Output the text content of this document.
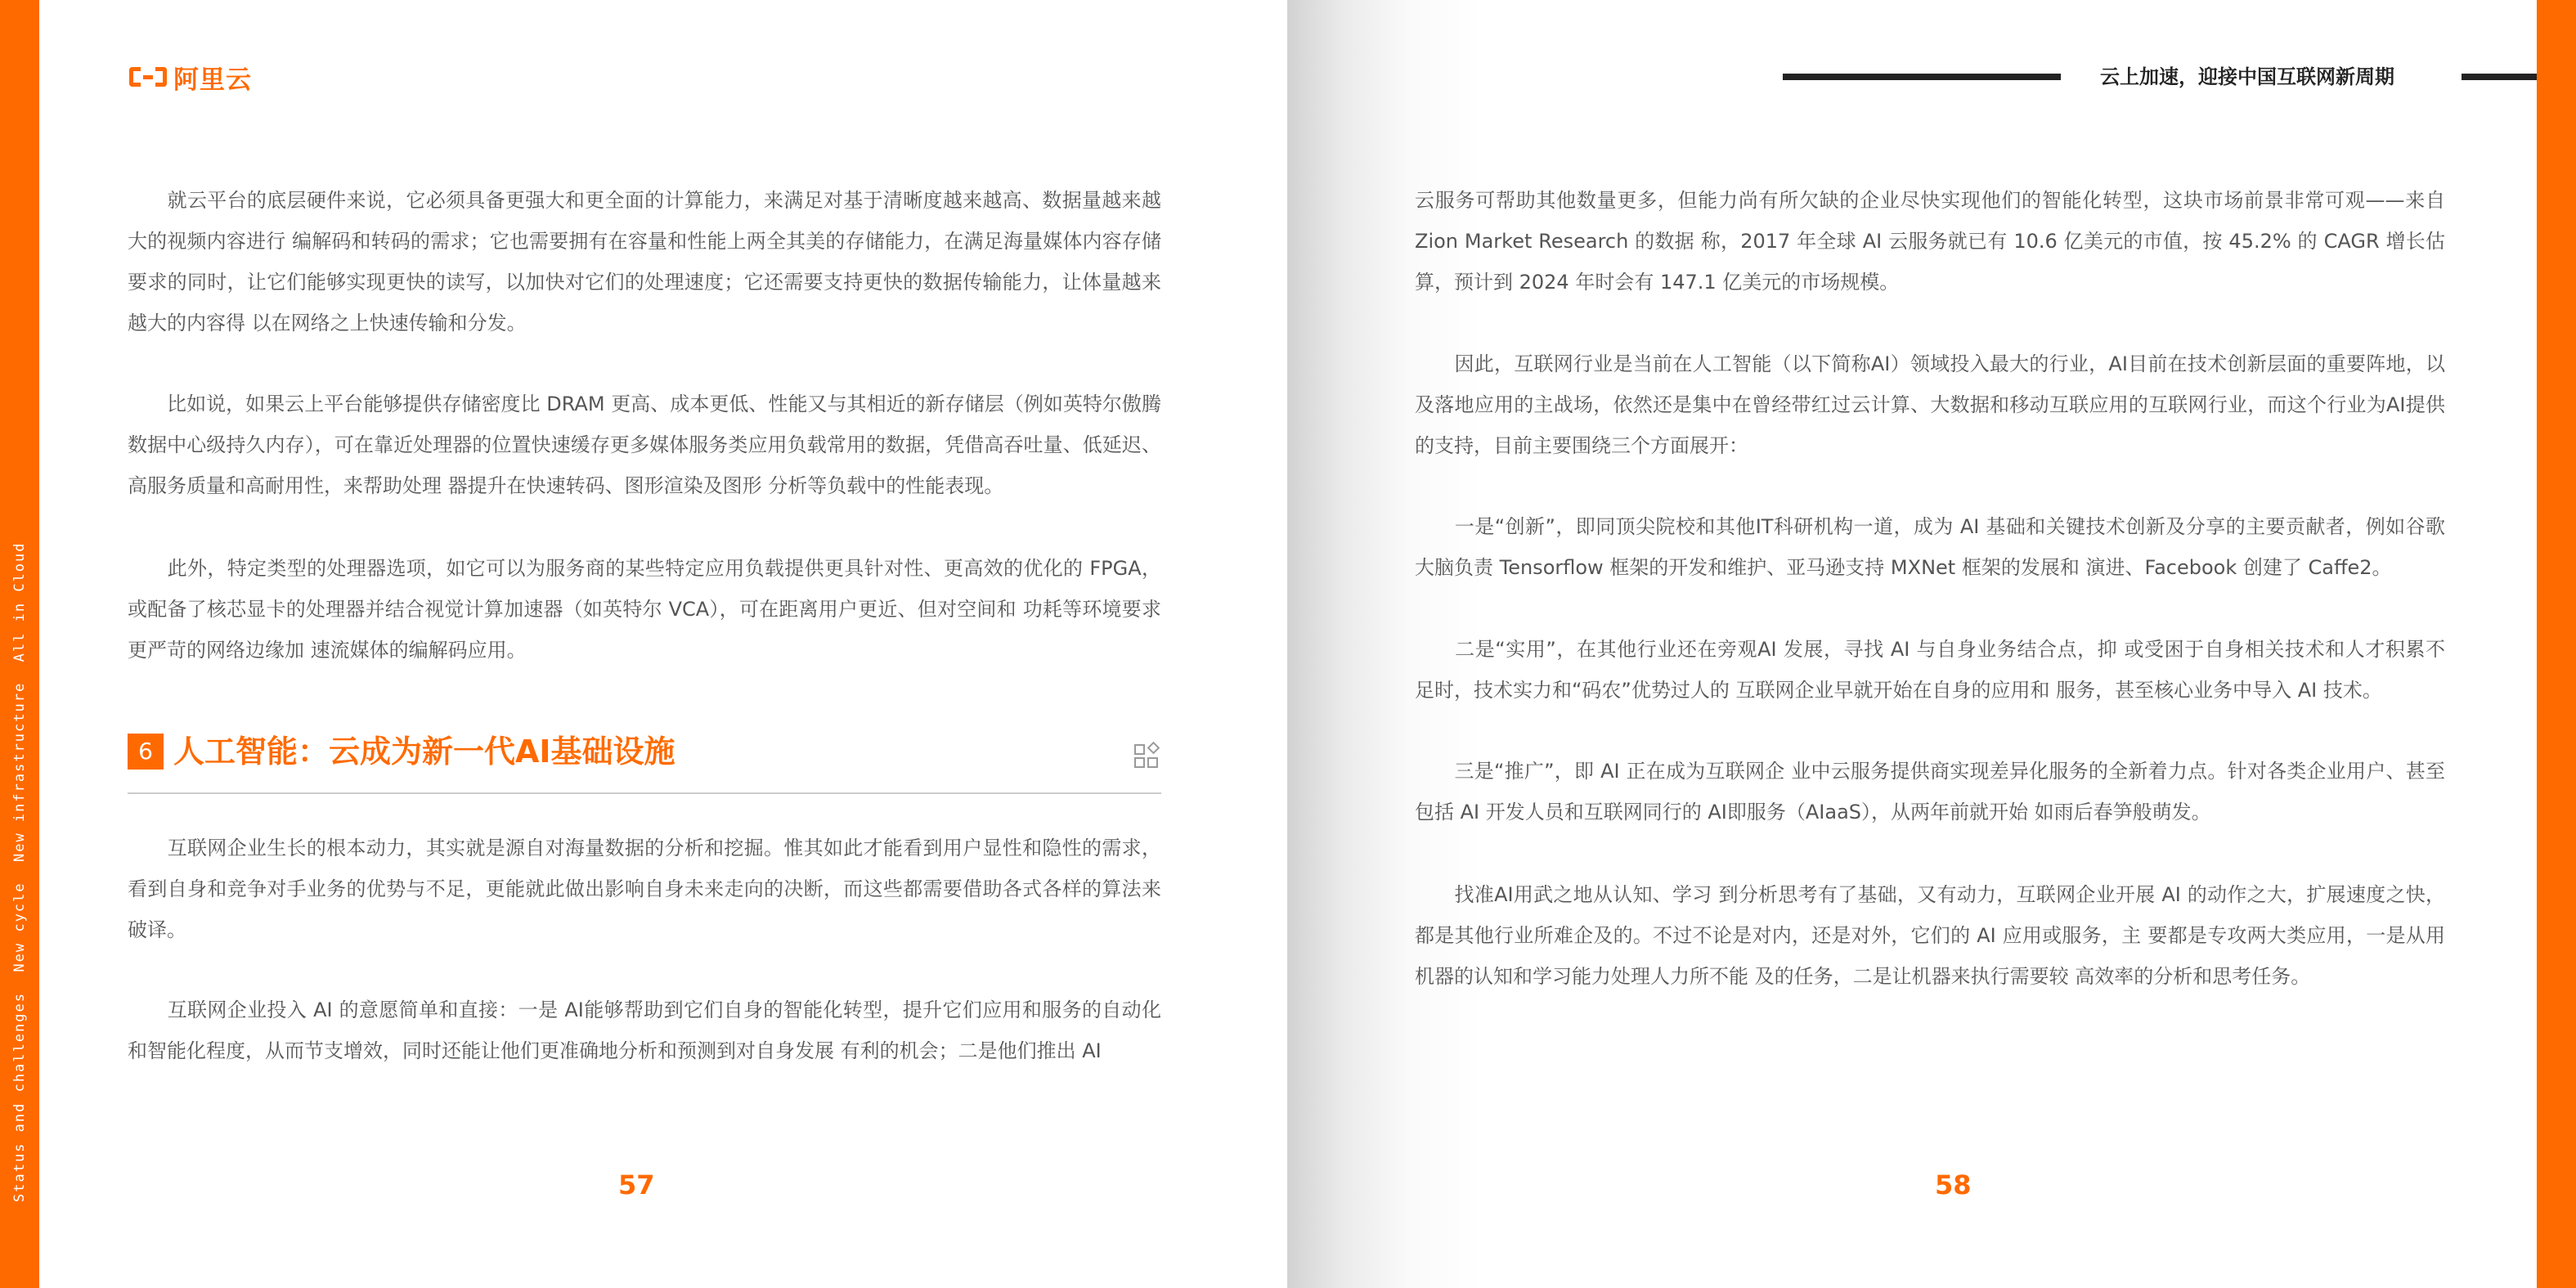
Status and challenges  New cycle  New infrastructure  All in Cloud
阿里云
　　就云平台的底层硬件来说，它必须具备更强大和更全面的计算能力，来满足对基于清晰度越来越高、数据量越来越大的视频内容进行 编解码和转码的需求；它也需要拥有在容量和性能上两全其美的存储能力，在满足海量媒体内容存储要求的同时，让它们能够实现更快的读写，以加快对它们的处理速度；它还需要支持更快的数据传输能力，让体量越来越大的内容得 以在网络之上快速传输和分发。
　　比如说，如果云上平台能够提供存储密度比 DRAM 更高、成本更低、性能又与其相近的新存储层（例如英特尔傲腾数据中心级持久内存），可在靠近处理器的位置快速缓存更多媒体服务类应用负载常用的数据，凭借高吞吐量、低延迟、 高服务质量和高耐用性，来帮助处理 器提升在快速转码、图形渲染及图形 分析等负载中的性能表现。
　　此外，特定类型的处理器选项，如它可以为服务商的某些特定应用负载提供更具针对性、更高效的优化的 FPGA，或配备了核芯显卡的处理器并结合视觉计算加速器（如英特尔 VCA），可在距离用户更近、但对空间和 功耗等环境要求更严苛的网络边缘加 速流媒体的编解码应用。
6 人工智能：云成为新一代AI基础设施
　　互联网企业生长的根本动力，其实就是源自对海量数据的分析和挖掘。惟其如此才能看到用户显性和隐性的需求，看到自身和竞争对手业务的优势与不足，更能就此做出影响自身未来走向的决断，而这些都需要借助各式各样的算法来破译。
　　互联网企业投入 AI 的意愿简单和直接：一是 AI能够帮助到它们自身的智能化转型，提升它们应用和服务的自动化和智能化程度，从而节支增效，同时还能让他们更准确地分析和预测到对自身发展 有利的机会；二是他们推出 AI
57
云上加速，迎接中国互联网新周期
云服务可帮助其他数量更多，但能力尚有所欠缺的企业尽快实现他们的智能化转型，这块市场前景非常可观——来自 Zion Market Research 的数据 称，2017 年全球 AI 云服务就已有 10.6 亿美元的市值，按 45.2% 的 CAGR 增长估算，预计到 2024 年时会有 147.1 亿美元的市场规模。
　　因此，互联网行业是当前在人工智能（以下简称AI）领域投入最大的行业，AI目前在技术创新层面的重要阵地，以及落地应用的主战场，依然还是集中在曾经带红过云计算、大数据和移动互联应用的互联网行业，而这个行业为AI提供的支持，目前主要围绕三个方面展开：
　　一是“创新”，即同顶尖院校和其他IT科研机构一道，成为 AI 基础和关键技术创新及分享的主要贡献者，例如谷歌大脑负责 Tensorflow 框架的开发和维护、亚马逊支持 MXNet 框架的发展和 演进、Facebook 创建了 Caffe2。
　　二是“实用”，在其他行业还在旁观AI 发展，寻找 AI 与自身业务结合点，抑 或受困于自身相关技术和人才积累不 足时，技术实力和“码农”优势过人的 互联网企业早就开始在自身的应用和 服务，甚至核心业务中导入 AI 技术。
　　三是“推广”，即 AI 正在成为互联网企 业中云服务提供商实现差异化服务的全新着力点。针对各类企业用户、甚至包括 AI 开发人员和互联网同行的 AI即服务（AIaaS），从两年前就开始 如雨后春笋般萌发。
　　找准AI用武之地从认知、学习 到分析思考有了基础，又有动力，互联网企业开展 AI 的动作之大，扩展速度之快，都是其他行业所难企及的。不过不论是对内，还是对外，它们的 AI 应用或服务，主 要都是专攻两大类应用，一是从用机器的认知和学习能力处理人力所不能 及的任务，二是让机器来执行需要较 高效率的分析和思考任务。
58
